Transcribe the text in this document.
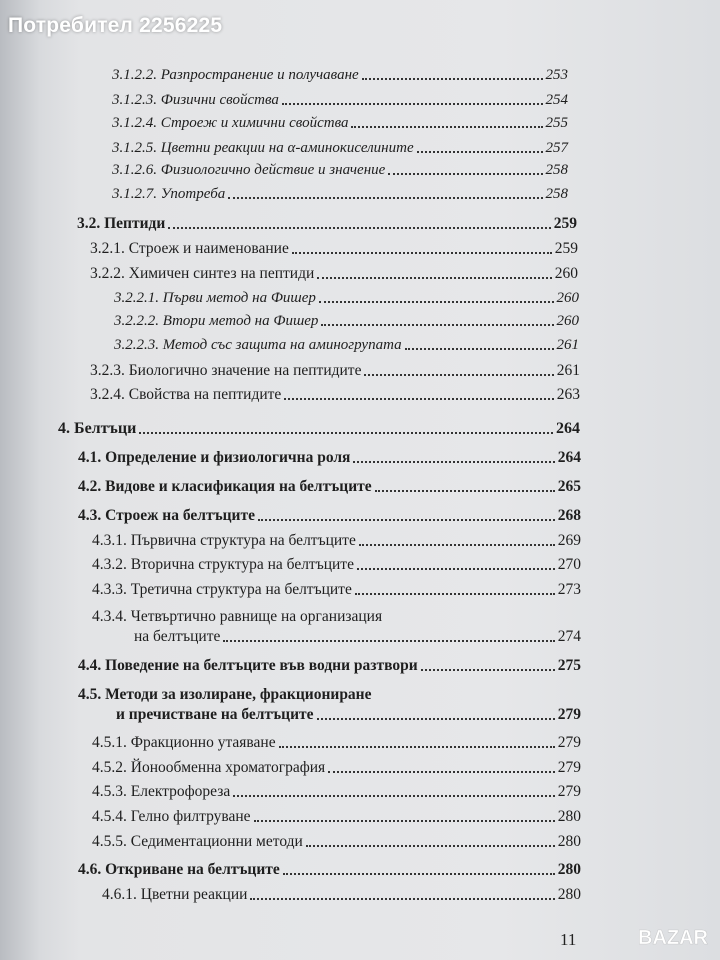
Потребител 2256225
3.1.2.2. Разпространение и получаване	253
3.1.2.3. Физични свойства	254
3.1.2.4. Строеж и химични свойства	255
3.1.2.5. Цветни реакции на α-аминокиселините	257
3.1.2.6. Физиологично действие и значение	258
3.1.2.7. Употреба	258
3.2. Пептиди	259
3.2.1. Строеж и наименование	259
3.2.2. Химичен синтез на пептиди	260
3.2.2.1. Първи метод на Фишер	260
3.2.2.2. Втори метод на Фишер	260
3.2.2.3. Метод със защита на аминогрупата	261
3.2.3. Биологично значение на пептидите	261
3.2.4. Свойства на пептидите	263
4. Белтъци	264
4.1. Определение и физиологична роля	264
4.2. Видове и класификация на белтъците	265
4.3. Строеж на белтъците	268
4.3.1. Първична структура на белтъците	269
4.3.2. Вторична структура на белтъците	270
4.3.3. Третична структура на белтъците	273
4.3.4. Четвъртично равнище на организация
на белтъците	274
4.4. Поведение на белтъците във водни разтвори	275
4.5. Методи за изолиране, фракциониране
и пречистване на белтъците	279
4.5.1. Фракционно утаяване	279
4.5.2. Йонообменна хроматография	279
4.5.3. Електрофореза	279
4.5.4. Гелно филтруване	280
4.5.5. Седиментационни методи	280
4.6. Откриване на белтъците	280
4.6.1. Цветни реакции	280
11	BAZAR
